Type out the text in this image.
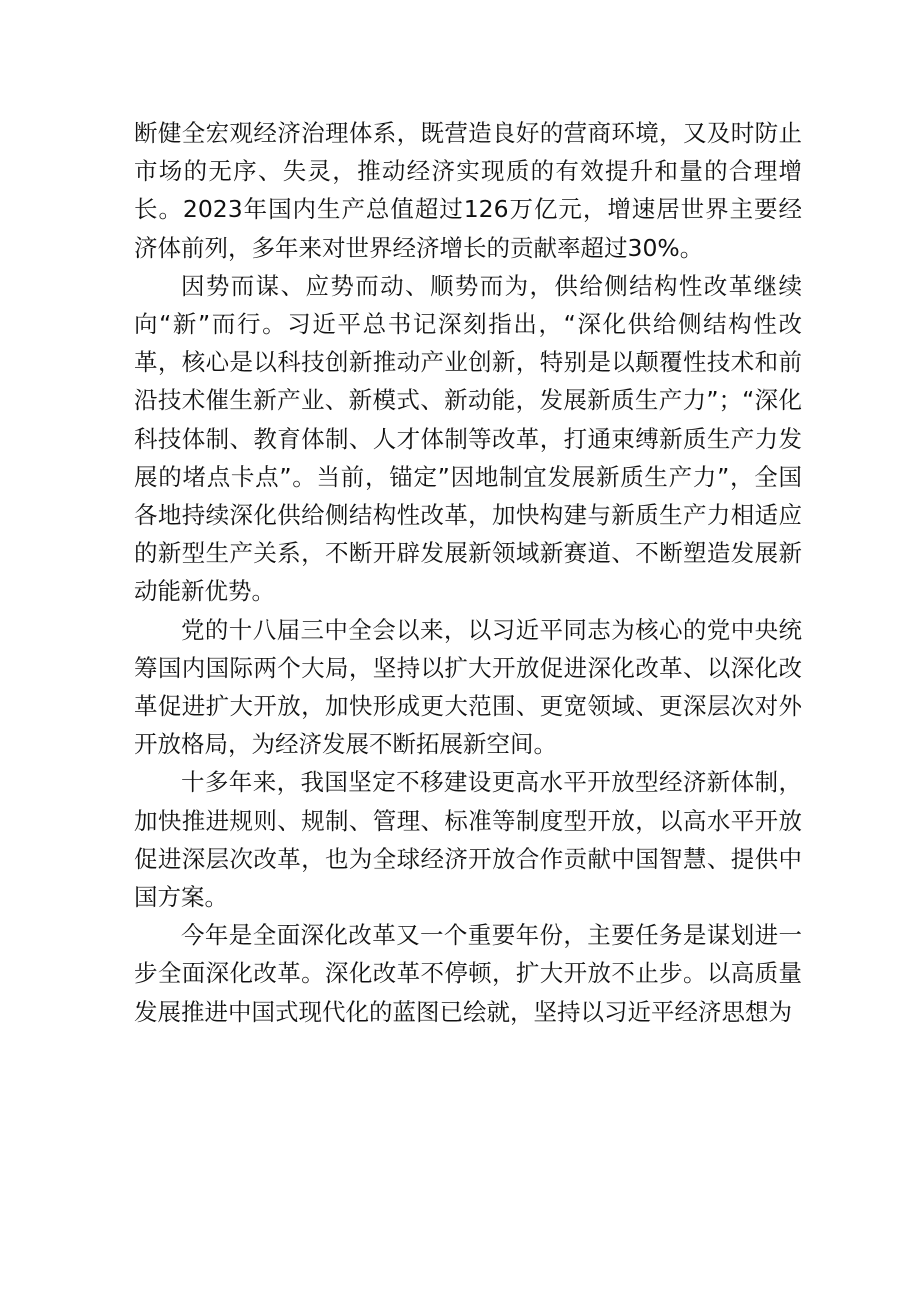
断健全宏观经济治理体系，既营造良好的营商环境，又及时防止市场的无序、失灵，推动经济实现质的有效提升和量的合理增长。2023年国内生产总值超过126万亿元，增速居世界主要经济体前列，多年来对世界经济增长的贡献率超过30%。

因势而谋、应势而动、顺势而为，供给侧结构性改革继续向“新”而行。习近平总书记深刻指出，“深化供给侧结构性改革，核心是以科技创新推动产业创新，特别是以颠覆性技术和前沿技术催生新产业、新模式、新动能，发展新质生产力”；“深化科技体制、教育体制、人才体制等改革，打通束缚新质生产力发展的堵点卡点”。当前，锚定”因地制宜发展新质生产力”，全国各地持续深化供给侧结构性改革，加快构建与新质生产力相适应的新型生产关系，不断开辟发展新领域新赛道、不断塑造发展新动能新优势。

党的十八届三中全会以来，以习近平同志为核心的党中央统筹国内国际两个大局，坚持以扩大开放促进深化改革、以深化改革促进扩大开放，加快形成更大范围、更宽领域、更深层次对外开放格局，为经济发展不断拓展新空间。

十多年来，我国坚定不移建设更高水平开放型经济新体制，加快推进规则、规制、管理、标准等制度型开放，以高水平开放促进深层次改革，也为全球经济开放合作贡献中国智慧、提供中国方案。

今年是全面深化改革又一个重要年份，主要任务是谋划进一步全面深化改革。深化改革不停顿，扩大开放不止步。以高质量发展推进中国式现代化的蓝图已绘就，坚持以习近平经济思想为
